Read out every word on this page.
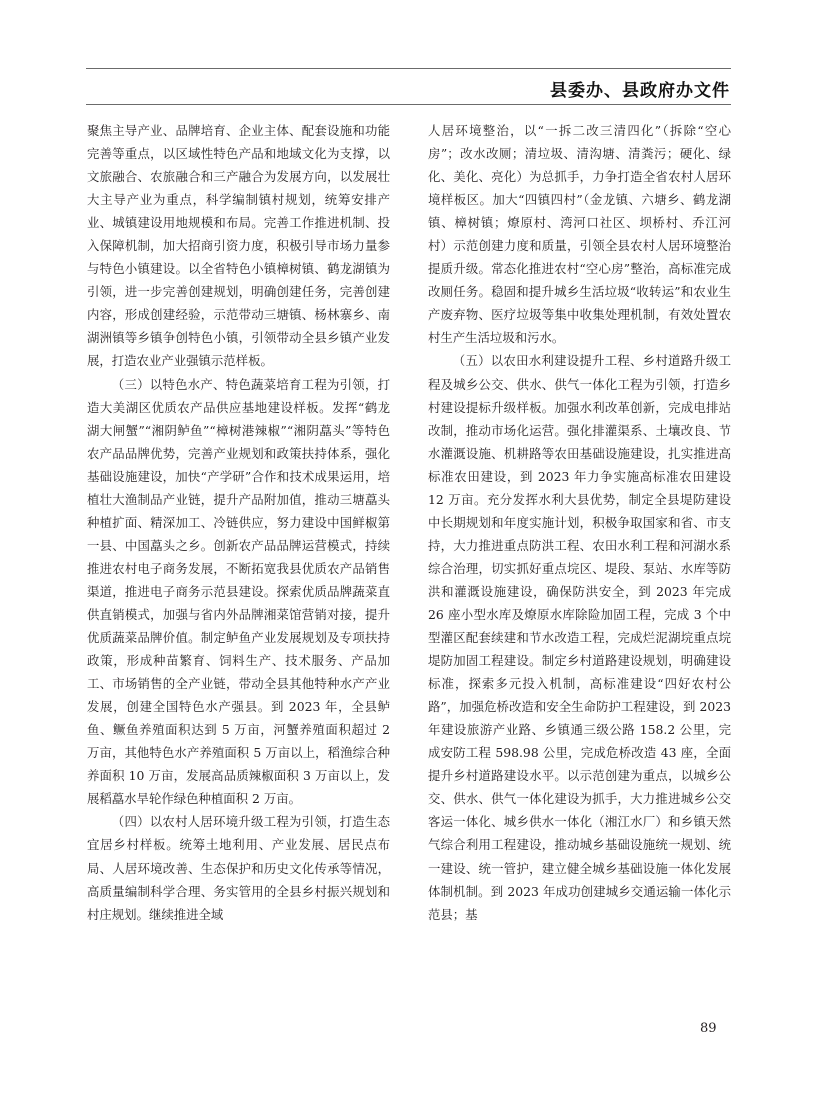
县委办、县政府办文件

聚焦主导产业、品牌培育、企业主体、配套设施和功能完善等重点，以区域性特色产品和地域文化为支撑，以文旅融合、农旅融合和三产融合为发展方向，以发展壮大主导产业为重点，科学编制镇村规划，统筹安排产业、城镇建设用地规模和布局。完善工作推进机制、投入保障机制，加大招商引资力度，积极引导市场力量参与特色小镇建设。以全省特色小镇樟树镇、鹤龙湖镇为引领，进一步完善创建规划，明确创建任务，完善创建内容，形成创建经验，示范带动三塘镇、杨林寨乡、南湖洲镇等乡镇争创特色小镇，引领带动全县乡镇产业发展，打造农业产业强镇示范样板。

（三）以特色水产、特色蔬菜培育工程为引领，打造大美湖区优质农产品供应基地建设样板。发挥“鹤龙湖大闸蟹”“湘阴鲈鱼”“樟树港辣椒”“湘阴藠头”等特色农产品品牌优势，完善产业规划和政策扶持体系，强化基础设施建设，加快“产学研”合作和技术成果运用，培植壮大渔制品产业链，提升产品附加值，推动三塘藠头种植扩面、精深加工、冷链供应，努力建设中国鲜椒第一县、中国藠头之乡。创新农产品品牌运营模式，持续推进农村电子商务发展，不断拓宽我县优质农产品销售渠道，推进电子商务示范县建设。探索优质品牌蔬菜直供直销模式，加强与省内外品牌湘菜馆营销对接，提升优质蔬菜品牌价值。制定鲈鱼产业发展规划及专项扶持政策，形成种苗繁育、饲料生产、技术服务、产品加工、市场销售的全产业链，带动全县其他特种水产产业发展，创建全国特色水产强县。到 2023 年，全县鲈鱼、鳜鱼养殖面积达到 5 万亩，河蟹养殖面积超过 2 万亩，其他特色水产养殖面积 5 万亩以上，稻渔综合种养面积 10 万亩，发展高品质辣椒面积 3 万亩以上，发展稻藠水旱轮作绿色种植面积 2 万亩。

（四）以农村人居环境升级工程为引领，打造生态宜居乡村样板。统筹土地利用、产业发展、居民点布局、人居环境改善、生态保护和历史文化传承等情况，高质量编制科学合理、务实管用的全县乡村振兴规划和村庄规划。继续推进全域

人居环境整治，以“一拆二改三清四化”（拆除“空心房”；改水改厕；清垃圾、清沟塘、清粪污；硬化、绿化、美化、亮化）为总抓手，力争打造全省农村人居环境样板区。加大“四镇四村”（金龙镇、六塘乡、鹤龙湖镇、樟树镇；燎原村、湾河口社区、坝桥村、乔江河村）示范创建力度和质量，引领全县农村人居环境整治提质升级。常态化推进农村“空心房”整治，高标准完成改厕任务。稳固和提升城乡生活垃圾“收转运”和农业生产废弃物、医疗垃圾等集中收集处理机制，有效处置农村生产生活垃圾和污水。

（五）以农田水利建设提升工程、乡村道路升级工程及城乡公交、供水、供气一体化工程为引领，打造乡村建设提标升级样板。加强水利改革创新，完成电排站改制，推动市场化运营。强化排灌渠系、土壤改良、节水灌溉设施、机耕路等农田基础设施建设，扎实推进高标准农田建设，到 2023 年力争实施高标准农田建设 12 万亩。充分发挥水利大县优势，制定全县堤防建设中长期规划和年度实施计划，积极争取国家和省、市支持，大力推进重点防洪工程、农田水利工程和河湖水系综合治理，切实抓好重点垸区、堤段、泵站、水库等防洪和灌溉设施建设，确保防洪安全，到 2023 年完成 26 座小型水库及燎原水库除险加固工程，完成 3 个中型灌区配套续建和节水改造工程，完成烂泥湖垸重点垸堤防加固工程建设。制定乡村道路建设规划，明确建设标准，探索多元投入机制，高标准建设“四好农村公路”，加强危桥改造和安全生命防护工程建设，到 2023 年建设旅游产业路、乡镇通三级公路 158.2 公里，完成安防工程 598.98 公里，完成危桥改造 43 座，全面提升乡村道路建设水平。以示范创建为重点，以城乡公交、供水、供气一体化建设为抓手，大力推进城乡公交客运一体化、城乡供水一体化（湘江水厂）和乡镇天然气综合利用工程建设，推动城乡基础设施统一规划、统一建设、统一管护，建立健全城乡基础设施一体化发展体制机制。到 2023 年成功创建城乡交通运输一体化示范县；基

89
